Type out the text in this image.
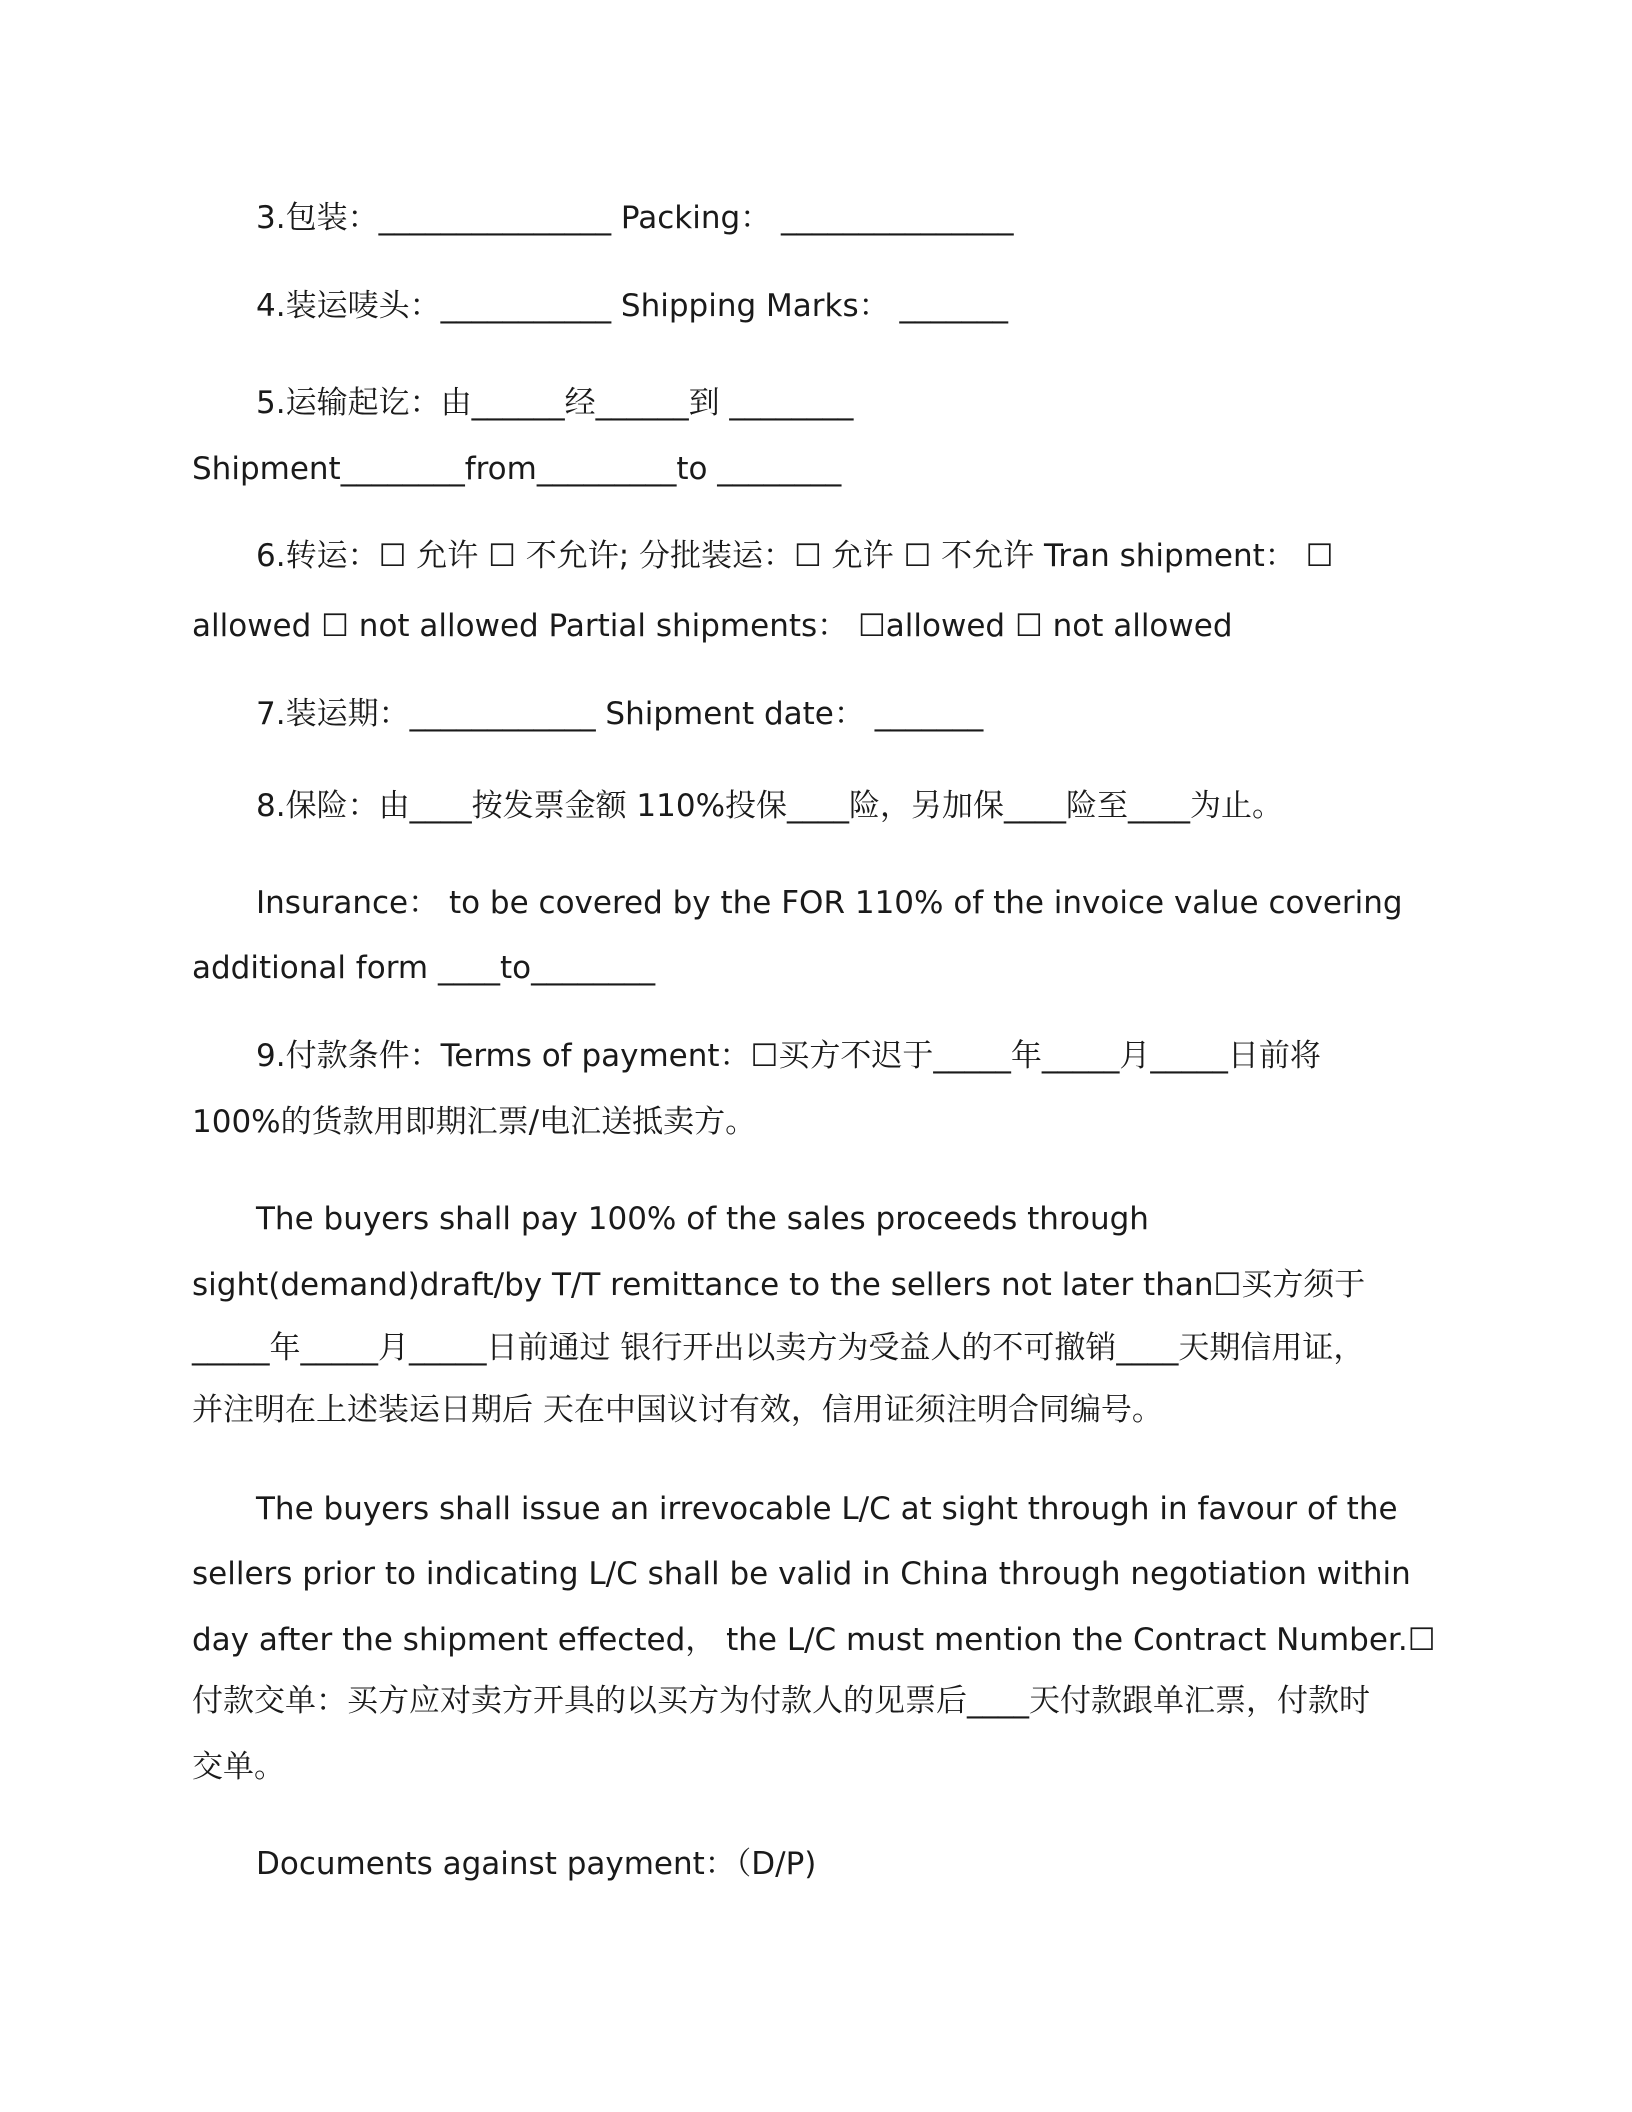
3.包装：_______________ Packing： _______________
4.装运唛头：___________ Shipping Marks： _______
5.运输起讫：由______经______到 ________
Shipment________from_________to ________
6.转运：☐ 允许 ☐ 不允许; 分批装运：☐ 允许 ☐ 不允许 Tran shipment： ☐
allowed ☐ not allowed Partial shipments： ☐allowed ☐ not allowed
7.装运期：____________ Shipment date： _______
8.保险：由____按发票金额 110%投保____险，另加保____险至____为止。
Insurance： to be covered by the FOR 110% of the invoice value covering
additional form ____to________
9.付款条件：Terms of payment：☐买方不迟于_____年_____月_____日前将
100%的货款用即期汇票/电汇送抵卖方。
The buyers shall pay 100% of the sales proceeds through
sight(demand)draft/by T/T remittance to the sellers not later than☐买方须于
_____年_____月_____日前通过 银行开出以卖方为受益人的不可撤销____天期信用证，
并注明在上述装运日期后 天在中国议讨有效，信用证须注明合同编号。
The buyers shall issue an irrevocable L/C at sight through in favour of the
sellers prior to indicating L/C shall be valid in China through negotiation within
day after the shipment effected， the L/C must mention the Contract Number.☐
付款交单：买方应对卖方开具的以买方为付款人的见票后____天付款跟单汇票，付款时
交单。
Documents against payment：（D/P)
